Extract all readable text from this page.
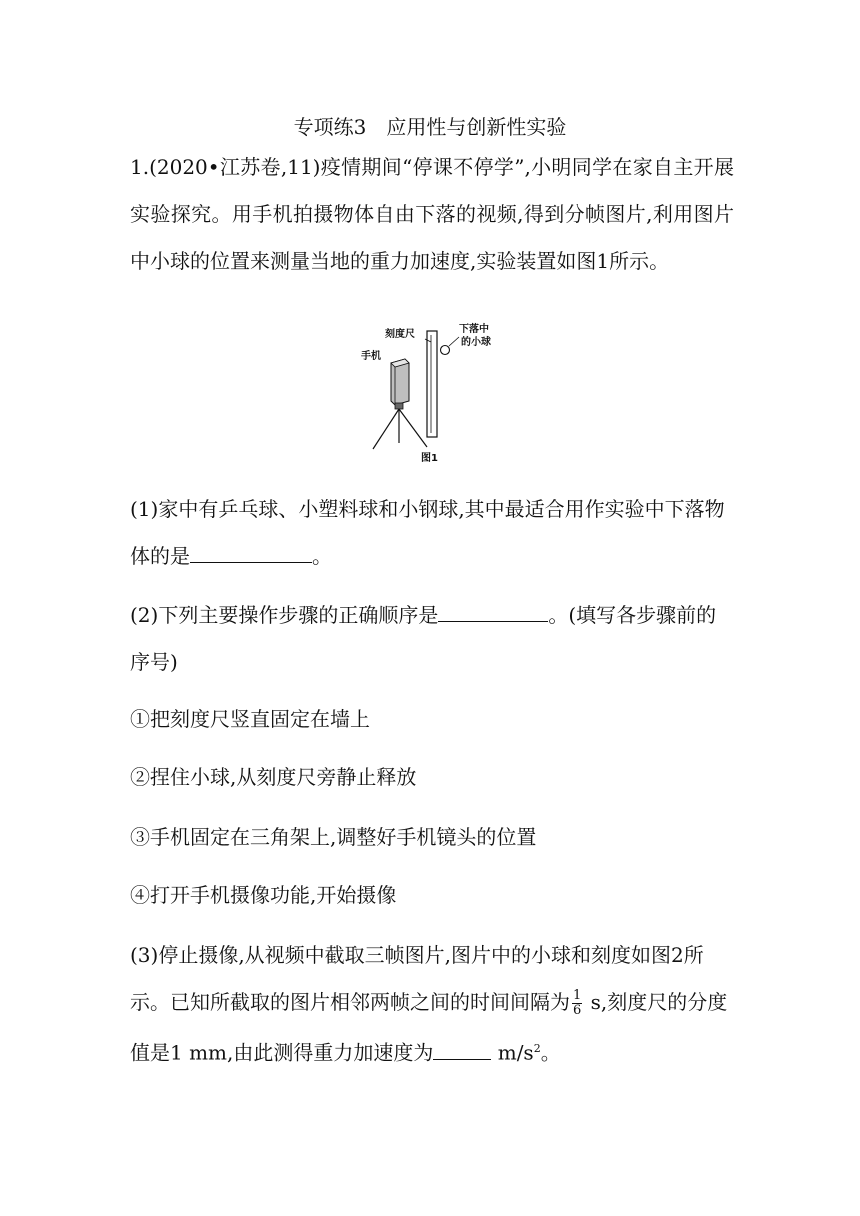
专项练3　应用性与创新性实验
1.(2020•江苏卷,11)疫情期间“停课不停学”,小明同学在家自主开展实验探究。用手机拍摄物体自由下落的视频,得到分帧图片,利用图片中小球的位置来测量当地的重力加速度,实验装置如图1所示。
刻度尺	下落中
的小球
手机
图1
(1)家中有乒乓球、小塑料球和小钢球,其中最适合用作实验中下落物
体的是	。
(2)下列主要操作步骤的正确顺序是	。(填写各步骤前的
序号)
①把刻度尺竖直固定在墙上
②捏住小球,从刻度尺旁静止释放
③手机固定在三角架上,调整好手机镜头的位置
④打开手机摄像功能,开始摄像
(3)停止摄像,从视频中截取三帧图片,图片中的小球和刻度如图2所
示。已知所截取的图片相邻两帧之间的时间间隔为 $\frac{1}{6} s$,刻度尺的分度
值是1 mm,由此测得重力加速度为	$m/s^2$。
